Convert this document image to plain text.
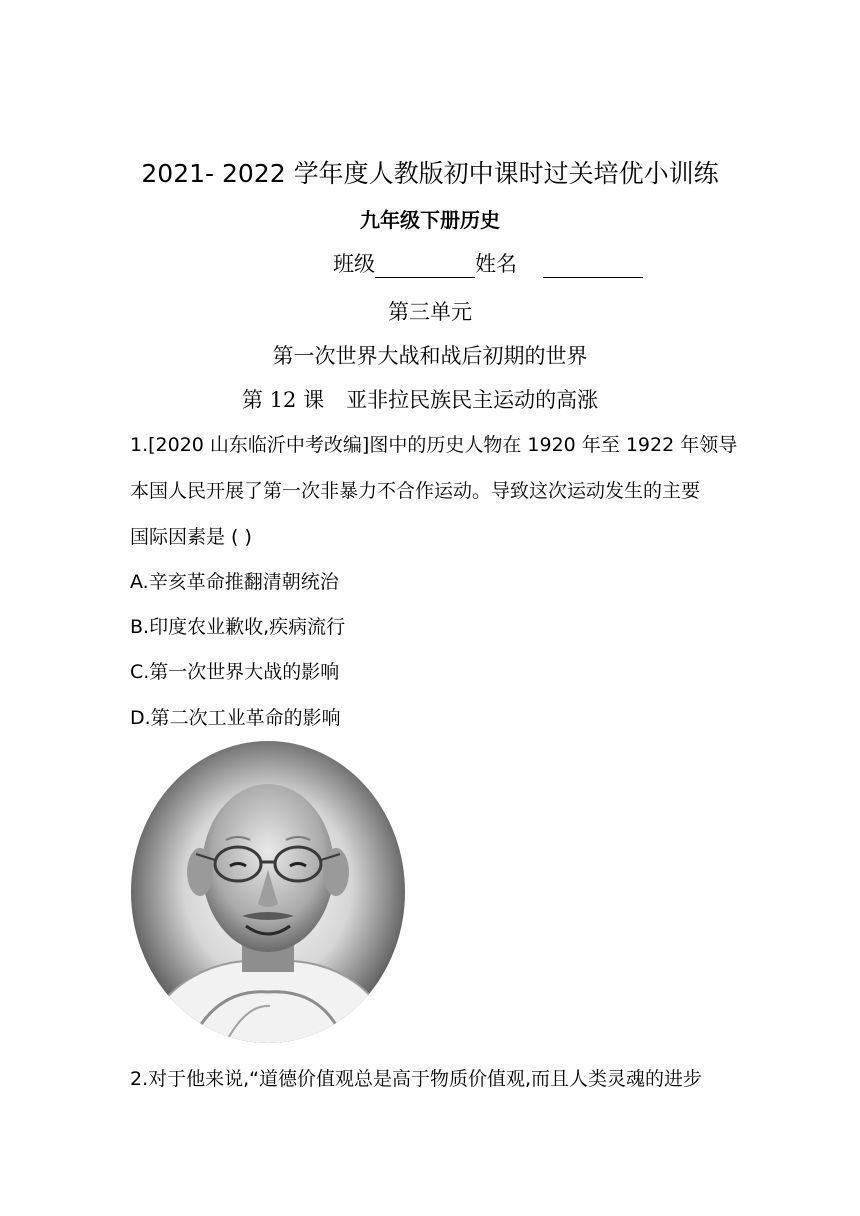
2021- 2022 学年度人教版初中课时过关培优小训练
九年级下册历史
班级	姓名
第三单元
第一次世界大战和战后初期的世界
第 12 课 亚非拉民族民主运动的高涨
1.[2020 山东临沂中考改编]图中的历史人物在 1920 年至 1922 年领导
本国人民开展了第一次非暴力不合作运动。导致这次运动发生的主要
国际因素是 ( )
A.辛亥革命推翻清朝统治
B.印度农业歉收,疾病流行
C.第一次世界大战的影响
D.第二次工业革命的影响
2.对于他来说,“道德价值观总是高于物质价值观,而且人类灵魂的进步
